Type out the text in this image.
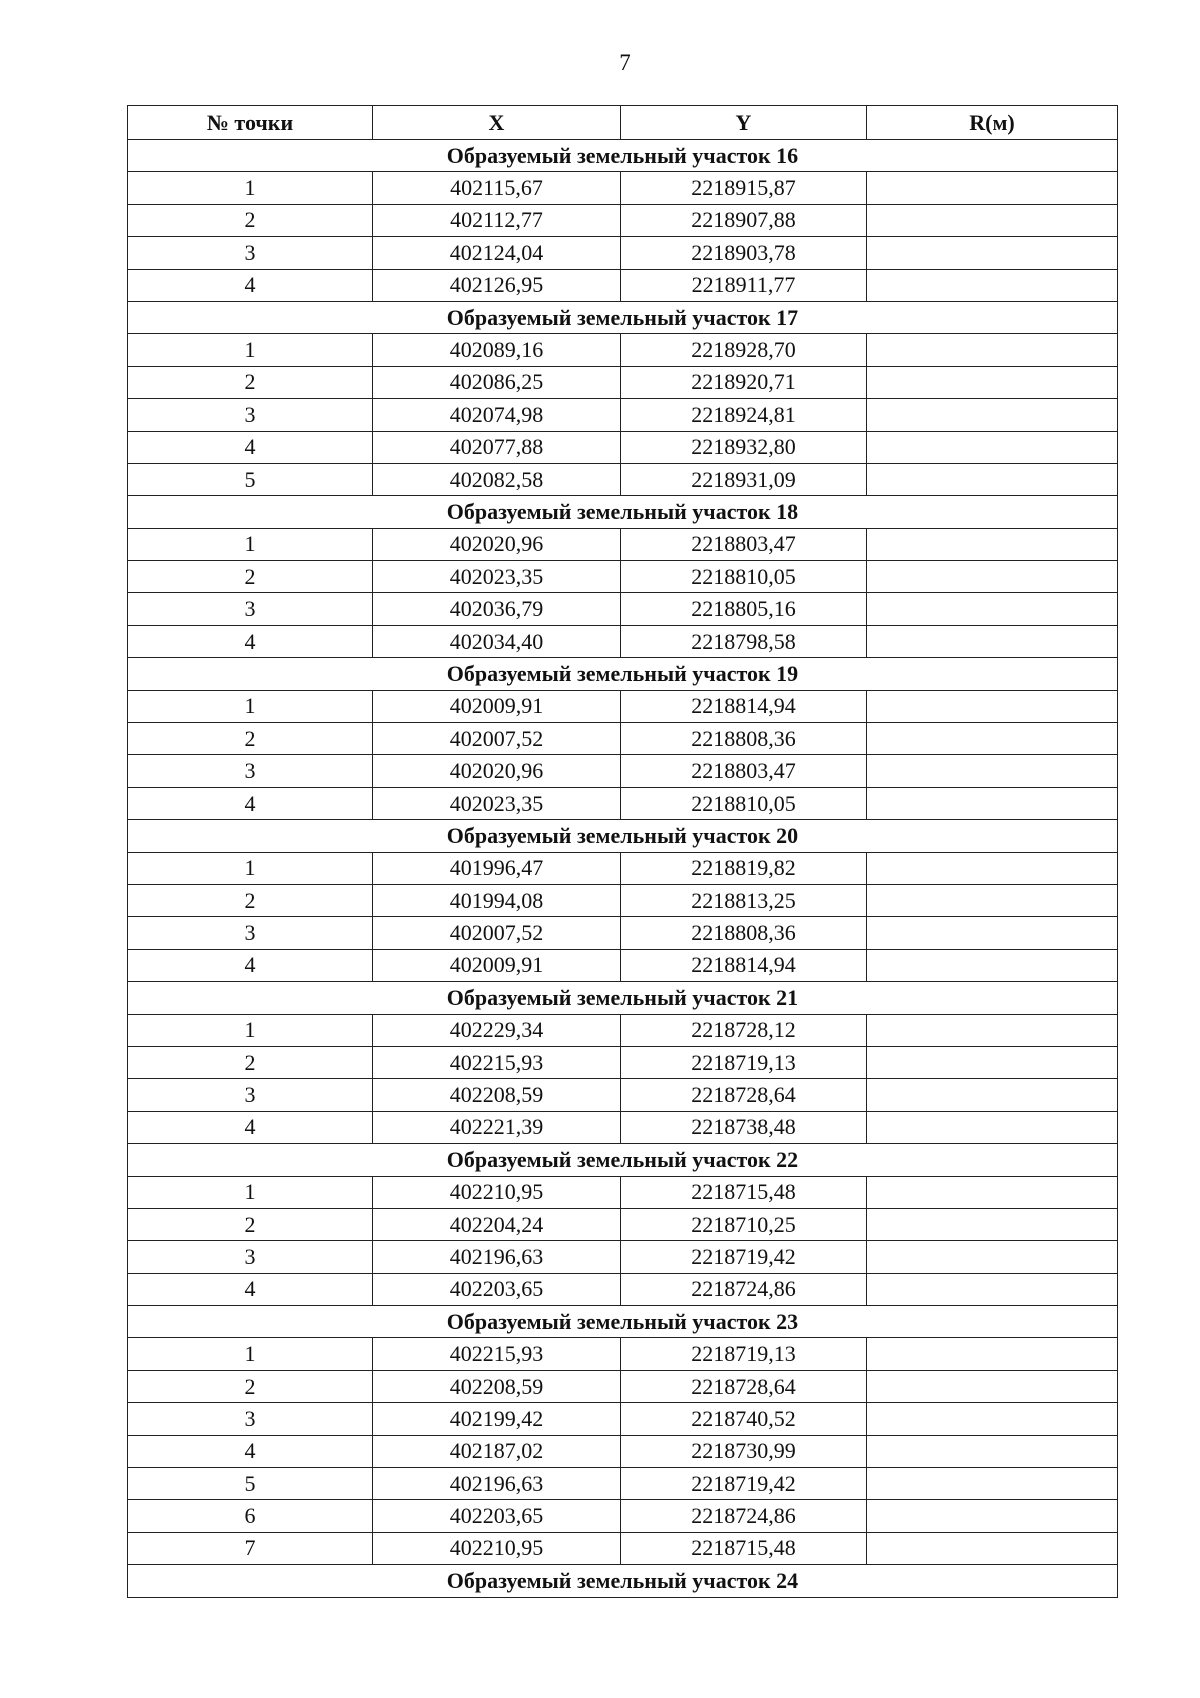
7
№ точки	X	Y	R(м)
Образуемый земельный участок 16			
1	402115,67	2218915,87	
2	402112,77	2218907,88	
3	402124,04	2218903,78	
4	402126,95	2218911,77	
Образуемый земельный участок 17			
1	402089,16	2218928,70	
2	402086,25	2218920,71	
3	402074,98	2218924,81	
4	402077,88	2218932,80	
5	402082,58	2218931,09	
Образуемый земельный участок 18			
1	402020,96	2218803,47	
2	402023,35	2218810,05	
3	402036,79	2218805,16	
4	402034,40	2218798,58	
Образуемый земельный участок 19			
1	402009,91	2218814,94	
2	402007,52	2218808,36	
3	402020,96	2218803,47	
4	402023,35	2218810,05	
Образуемый земельный участок 20			
1	401996,47	2218819,82	
2	401994,08	2218813,25	
3	402007,52	2218808,36	
4	402009,91	2218814,94	
Образуемый земельный участок 21			
1	402229,34	2218728,12	
2	402215,93	2218719,13	
3	402208,59	2218728,64	
4	402221,39	2218738,48	
Образуемый земельный участок 22			
1	402210,95	2218715,48	
2	402204,24	2218710,25	
3	402196,63	2218719,42	
4	402203,65	2218724,86	
Образуемый земельный участок 23			
1	402215,93	2218719,13	
2	402208,59	2218728,64	
3	402199,42	2218740,52	
4	402187,02	2218730,99	
5	402196,63	2218719,42	
6	402203,65	2218724,86	
7	402210,95	2218715,48	
Образуемый земельный участок 24			
